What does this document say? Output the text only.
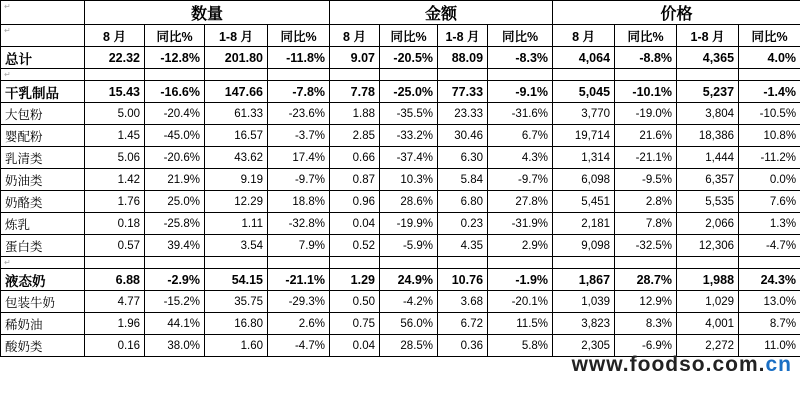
↵	数量				金额				价格			

↵	8 月	同比%	1-8 月	同比%	8 月	同比%	1-8 月	同比%	8 月	同比%	1-8 月	同比%
总计	22.32	-12.8%	201.80	-11.8%	9.07	-20.5%	88.09	-8.3%	4,064	-8.8%	4,365	4.0%

↵												

干乳制品	15.43	-16.6%	147.66	-7.8%	7.78	-25.0%	77.33	-9.1%	5,045	-10.1%	5,237	-1.4%
大包粉	5.00	-20.4%	61.33	-23.6%	1.88	-35.5%	23.33	-31.6%	3,770	-19.0%	3,804	-10.5%
婴配粉	1.45	-45.0%	16.57	-3.7%	2.85	-33.2%	30.46	6.7%	19,714	21.6%	18,386	10.8%
乳清类	5.06	-20.6%	43.62	17.4%	0.66	-37.4%	6.30	4.3%	1,314	-21.1%	1,444	-11.2%
奶油类	1.42	21.9%	9.19	-9.7%	0.87	10.3%	5.84	-9.7%	6,098	-9.5%	6,357	0.0%
奶酪类	1.76	25.0%	12.29	18.8%	0.96	28.6%	6.80	27.8%	5,451	2.8%	5,535	7.6%
炼乳	0.18	-25.8%	1.11	-32.8%	0.04	-19.9%	0.23	-31.9%	2,181	7.8%	2,066	1.3%
蛋白类	0.57	39.4%	3.54	7.9%	0.52	-5.9%	4.35	2.9%	9,098	-32.5%	12,306	-4.7%

↵												

液态奶	6.88	-2.9%	54.15	-21.1%	1.29	24.9%	10.76	-1.9%	1,867	28.7%	1,988	24.3%
包装牛奶	4.77	-15.2%	35.75	-29.3%	0.50	-4.2%	3.68	-20.1%	1,039	12.9%	1,029	13.0%
稀奶油	1.96	44.1%	16.80	2.6%	0.75	56.0%	6.72	11.5%	3,823	8.3%	4,001	8.7%
酸奶类	0.16	38.0%	1.60	-4.7%	0.04	28.5%	0.36	5.8%	2,305	-6.9%	2,272	11.0%
www.foodso.com.cn
